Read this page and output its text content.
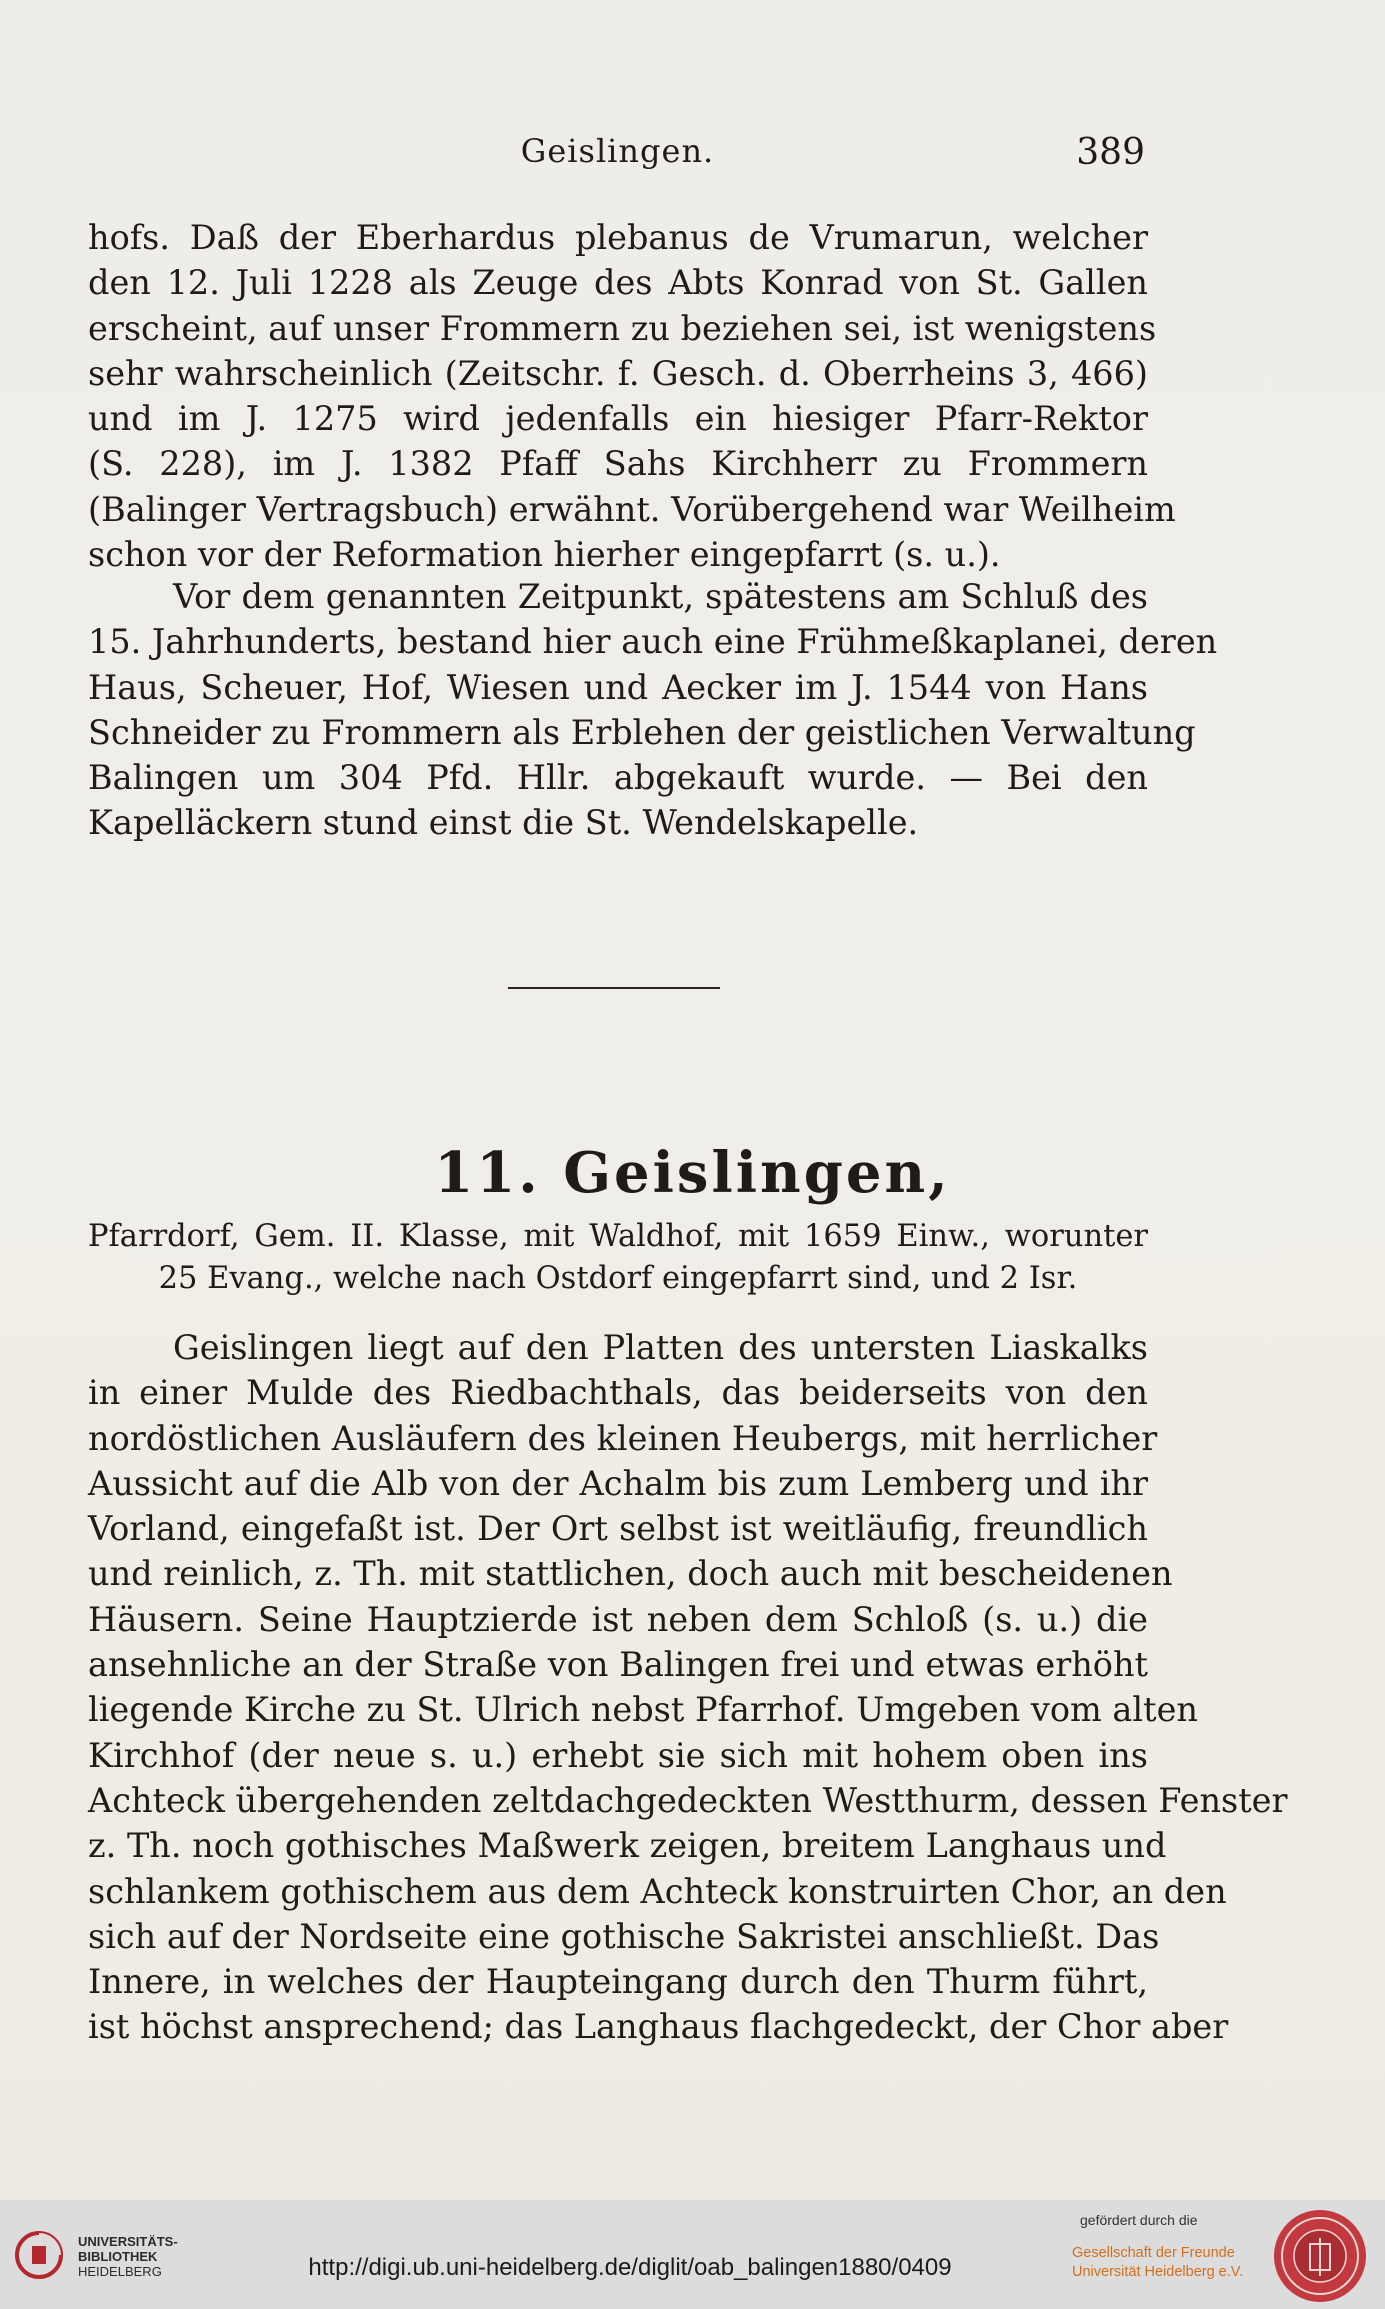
Geislingen.	389
hofs. Daß der Eberhardus plebanus de Vrumarun, welcher
den 12. Juli 1228 als Zeuge des Abts Konrad von St. Gallen
erscheint, auf unser Frommern zu beziehen sei, ist wenigstens
sehr wahrscheinlich (Zeitschr. f. Gesch. d. Oberrheins 3, 466)
und im J. 1275 wird jedenfalls ein hiesiger Pfarr-Rektor
(S. 228), im J. 1382 Pfaff Sahs Kirchherr zu Frommern
(Balinger Vertragsbuch) erwähnt. Vorübergehend war Weilheim
schon vor der Reformation hierher eingepfarrt (s. u.).
Vor dem genannten Zeitpunkt, spätestens am Schluß des
15. Jahrhunderts, bestand hier auch eine Frühmeßkaplanei, deren
Haus, Scheuer, Hof, Wiesen und Aecker im J. 1544 von Hans
Schneider zu Frommern als Erblehen der geistlichen Verwaltung
Balingen um 304 Pfd. Hllr. abgekauft wurde. — Bei den
Kapelläckern stund einst die St. Wendelskapelle.
11. Geislingen,
Pfarrdorf, Gem. II. Klasse, mit Waldhof, mit 1659 Einw., worunter
25 Evang., welche nach Ostdorf eingepfarrt sind, und 2 Isr.
Geislingen liegt auf den Platten des untersten Liaskalks
in einer Mulde des Riedbachthals, das beiderseits von den
nordöstlichen Ausläufern des kleinen Heubergs, mit herrlicher
Aussicht auf die Alb von der Achalm bis zum Lemberg und ihr
Vorland, eingefaßt ist. Der Ort selbst ist weitläufig, freundlich
und reinlich, z. Th. mit stattlichen, doch auch mit bescheidenen
Häusern. Seine Hauptzierde ist neben dem Schloß (s. u.) die
ansehnliche an der Straße von Balingen frei und etwas erhöht
liegende Kirche zu St. Ulrich nebst Pfarrhof. Umgeben vom alten
Kirchhof (der neue s. u.) erhebt sie sich mit hohem oben ins
Achteck übergehenden zeltdachgedeckten Westthurm, dessen Fenster
z. Th. noch gothisches Maßwerk zeigen, breitem Langhaus und
schlankem gothischem aus dem Achteck konstruirten Chor, an den
sich auf der Nordseite eine gothische Sakristei anschließt. Das
Innere, in welches der Haupteingang durch den Thurm führt,
ist höchst ansprechend; das Langhaus flachgedeckt, der Chor aber
UNIVERSITÄTS-
BIBLIOTHEK
HEIDELBERG	http://digi.ub.uni-heidelberg.de/diglit/oab_balingen1880/0409
gefördert durch die
Gesellschaft der Freunde
Universität Heidelberg e.V.
